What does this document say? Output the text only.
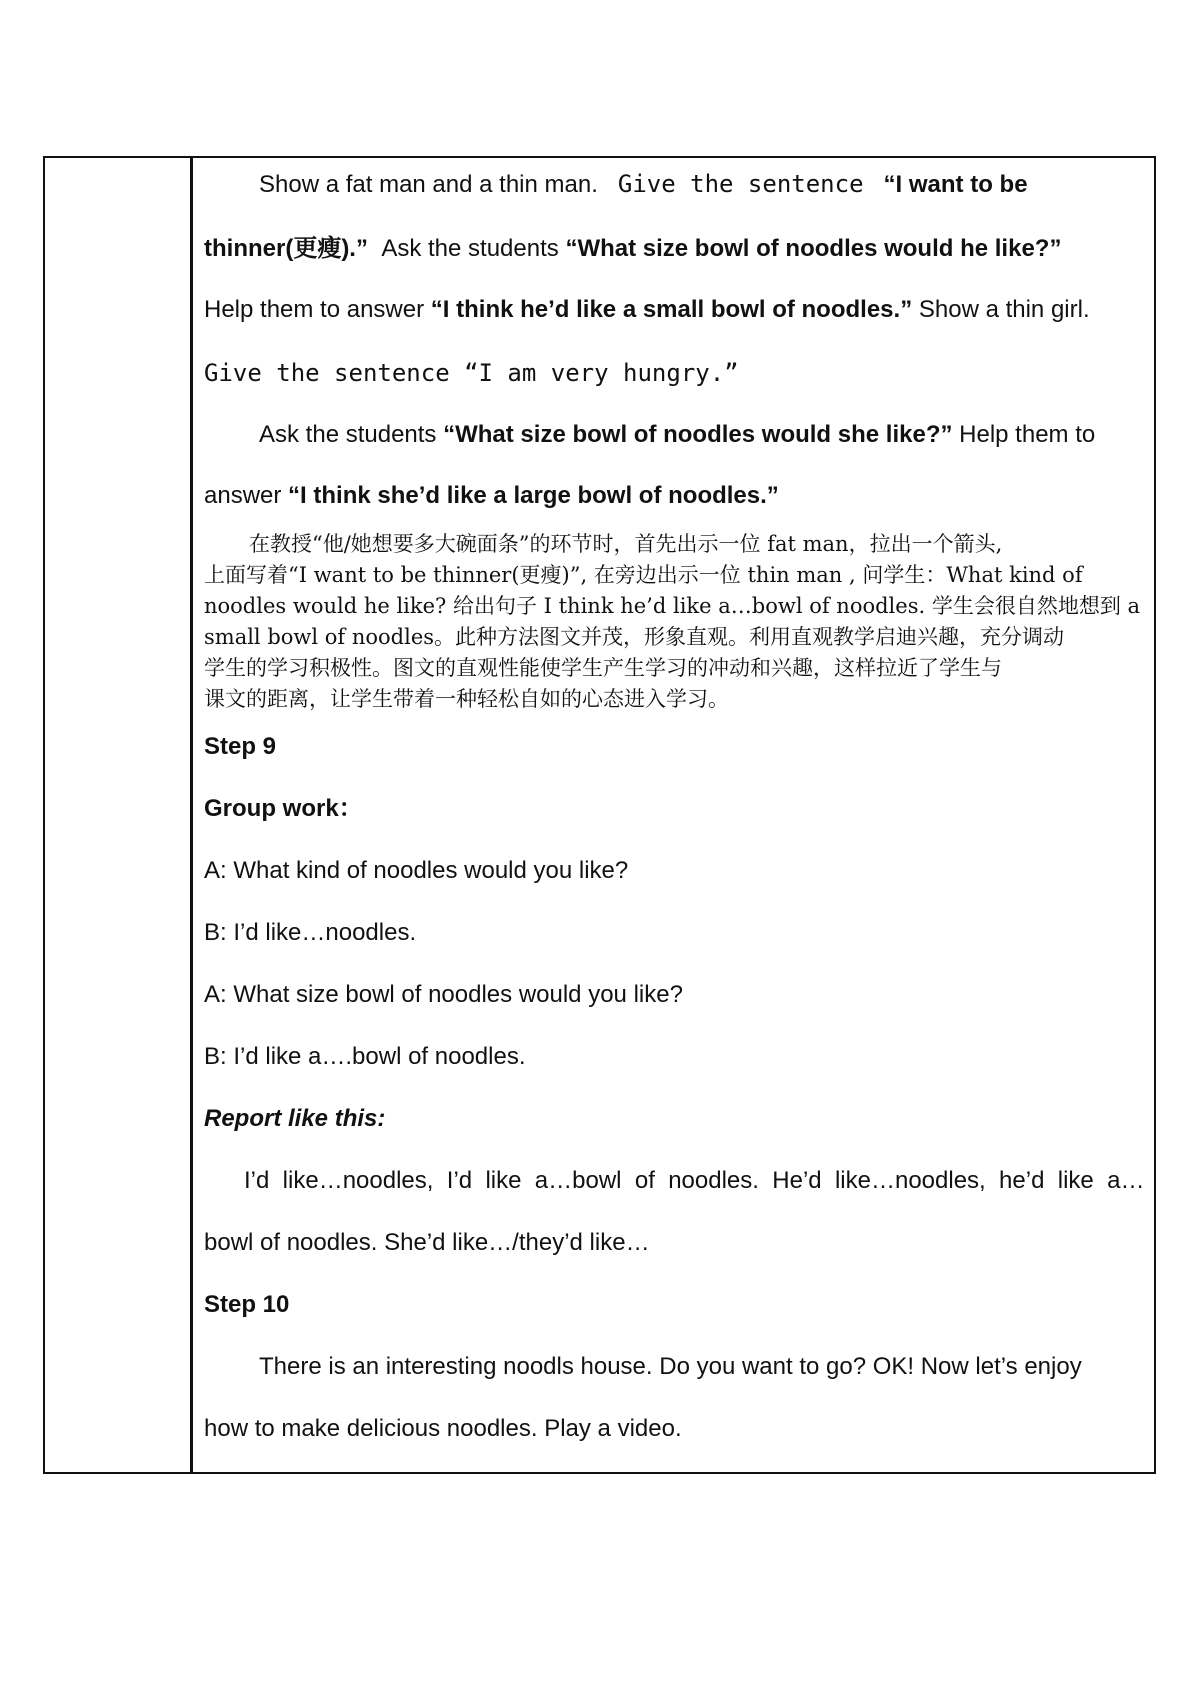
Show a fat man and a thin man. Give the sentence “I want to be

thinner(更瘦).” Ask the students “What size bowl of noodles would he like?”

Help them to answer “I think he’d like a small bowl of noodles.” Show a thin girl.

Give the sentence “I am very hungry.”

Ask the students “What size bowl of noodles would she like?” Help them to

answer “I think she’d like a large bowl of noodles.”

在教授“他/她想要多大碗面条”的环节时，首先出示一位 fat man，拉出一个箭头,

上面写着“I want to be thinner(更瘦)”, 在旁边出示一位 thin man , 问学生：What kind of

noodles would he like? 给出句子 I think he’d like a…bowl of noodles. 学生会很自然地想到 a

small bowl of noodles。此种方法图文并茂，形象直观。利用直观教学启迪兴趣，充分调动

学生的学习积极性。图文的直观性能使学生产生学习的冲动和兴趣，这样拉近了学生与

课文的距离，让学生带着一种轻松自如的心态进入学习。

Step 9

Group work：

A: What kind of noodles would you like?

B: I’d like…noodles.

A: What size bowl of noodles would you like?

B: I’d like a….bowl of noodles.

Report like this:

I’d  like…noodles,  I’d  like  a…bowl  of  noodles.  He’d  like…noodles,  he’d  like  a…

bowl of noodles. She’d like…/they’d like…

Step 10

There is an interesting noodls house. Do you want to go? OK! Now let’s enjoy

how to make delicious noodles. Play a video.
